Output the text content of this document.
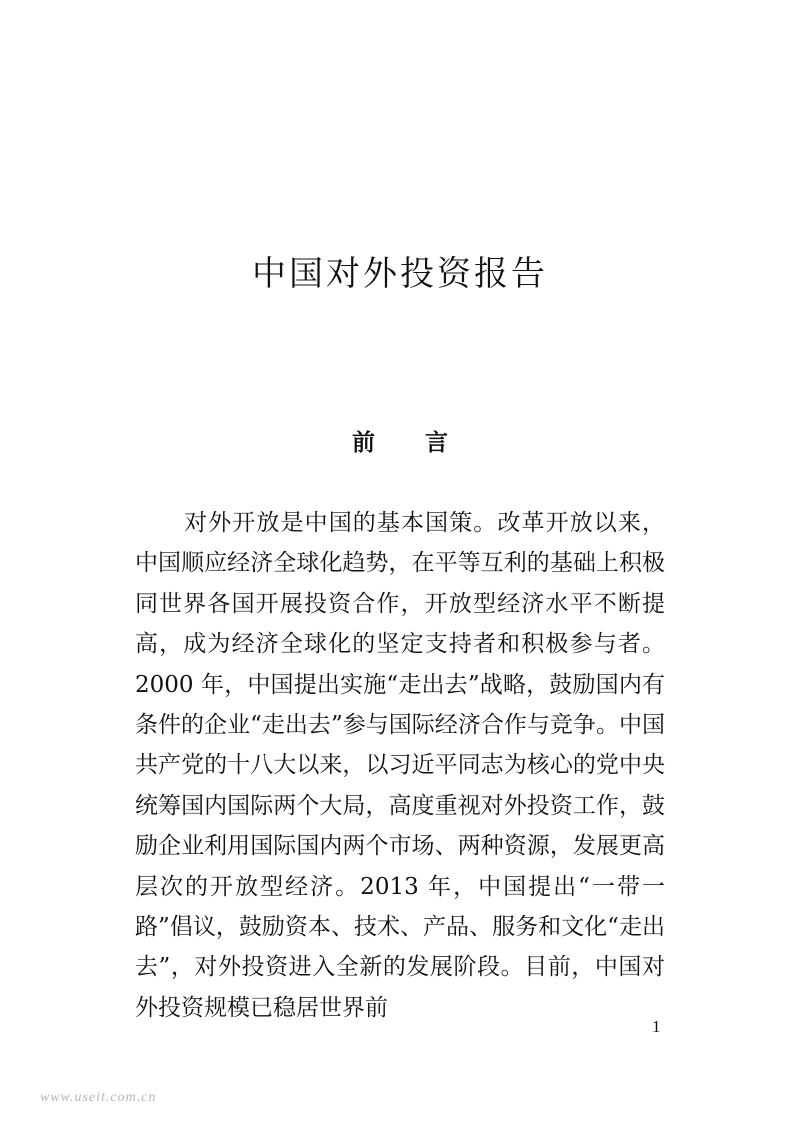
中国对外投资报告
前言

对外开放是中国的基本国策。改革开放以来，中国顺应经济全球化趋势，在平等互利的基础上积极同世界各国开展投资合作，开放型经济水平不断提高，成为经济全球化的坚定支持者和积极参与者。2000 年，中国提出实施“走出去”战略，鼓励国内有条件的企业“走出去”参与国际经济合作与竞争。中国共产党的十八大以来，以习近平同志为核心的党中央统筹国内国际两个大局，高度重视对外投资工作，鼓励企业利用国际国内两个市场、两种资源，发展更高层次的开放型经济。2013 年，中国提出“一带一路”倡议，鼓励资本、技术、产品、服务和文化“走出去”，对外投资进入全新的发展阶段。目前，中国对外投资规模已稳居世界前

1
www.useit.com.cn
